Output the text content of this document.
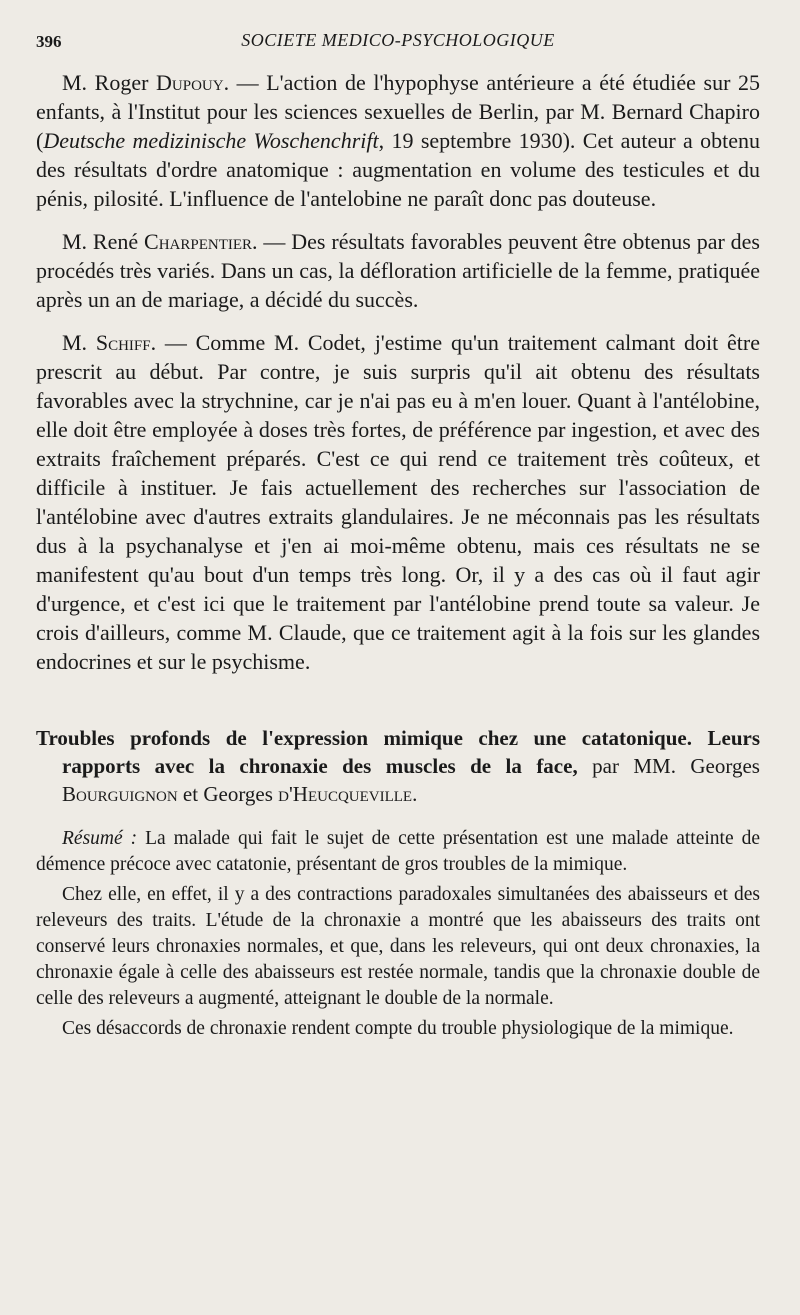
396	SOCIETE MEDICO-PSYCHOLOGIQUE

M. Roger Dupouy. — L'action de l'hypophyse antérieure a été étudiée sur 25 enfants, à l'Institut pour les sciences sexuelles de Berlin, par M. Bernard Chapiro (Deutsche medizinische Woschenchrift, 19 septembre 1930). Cet auteur a obtenu des résultats d'ordre anatomique : augmentation en volume des testicules et du pénis, pilosité. L'influence de l'antelobine ne paraît donc pas douteuse.

M. René Charpentier. — Des résultats favorables peuvent être obtenus par des procédés très variés. Dans un cas, la défloration artificielle de la femme, pratiquée après un an de mariage, a décidé du succès.

M. Schiff. — Comme M. Codet, j'estime qu'un traitement calmant doit être prescrit au début. Par contre, je suis surpris qu'il ait obtenu des résultats favorables avec la strychnine, car je n'ai pas eu à m'en louer. Quant à l'antélobine, elle doit être employée à doses très fortes, de préférence par ingestion, et avec des extraits fraîchement préparés. C'est ce qui rend ce traitement très coûteux, et difficile à instituer. Je fais actuellement des recherches sur l'association de l'antélobine avec d'autres extraits glandulaires. Je ne méconnais pas les résultats dus à la psychanalyse et j'en ai moi-même obtenu, mais ces résultats ne se manifestent qu'au bout d'un temps très long. Or, il y a des cas où il faut agir d'urgence, et c'est ici que le traitement par l'antélobine prend toute sa valeur. Je crois d'ailleurs, comme M. Claude, que ce traitement agit à la fois sur les glandes endocrines et sur le psychisme.

Troubles profonds de l'expression mimique chez une catatonique. Leurs rapports avec la chronaxie des muscles de la face, par MM. Georges Bourguignon et Georges d'Heucqueville.

Résumé : La malade qui fait le sujet de cette présentation est une malade atteinte de démence précoce avec catatonie, présentant de gros troubles de la mimique.

Chez elle, en effet, il y a des contractions paradoxales simultanées des abaisseurs et des releveurs des traits. L'étude de la chronaxie a montré que les abaisseurs des traits ont conservé leurs chronaxies normales, et que, dans les releveurs, qui ont deux chronaxies, la chronaxie égale à celle des abaisseurs est restée normale, tandis que la chronaxie double de celle des releveurs a augmenté, atteignant le double de la normale.

Ces désaccords de chronaxie rendent compte du trouble physiologique de la mimique.
